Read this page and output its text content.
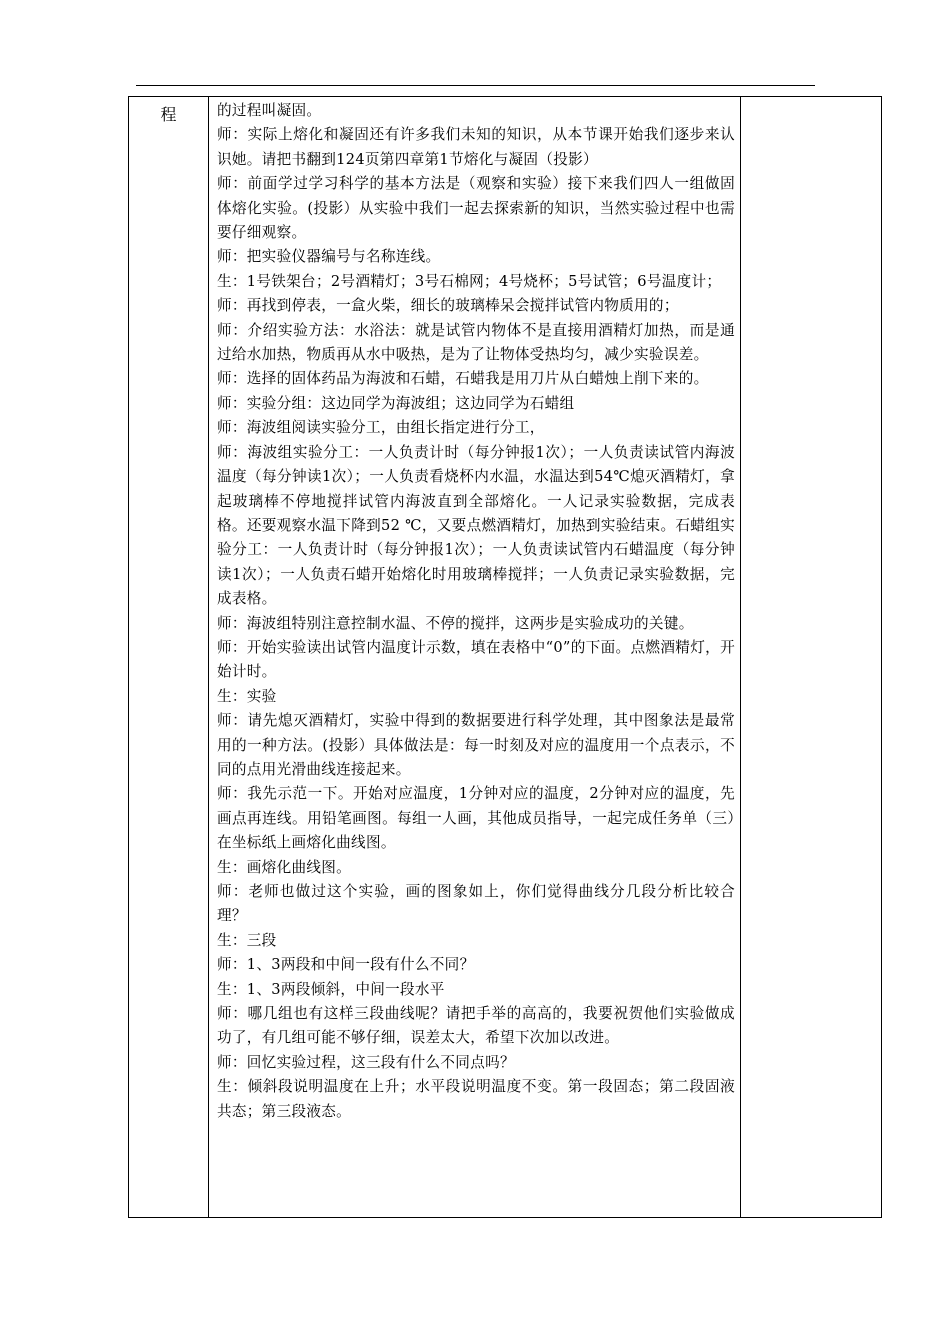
程	的过程叫凝固。

师：实际上熔化和凝固还有许多我们未知的知识，从本节课开始我们逐步来认识她。请把书翻到124页第四章第1节熔化与凝固（投影）

师：前面学过学习科学的基本方法是（观察和实验）接下来我们四人一组做固体熔化实验。(投影）从实验中我们一起去探索新的知识，当然实验过程中也需要仔细观察。

师：把实验仪器编号与名称连线。

生：1号铁架台；2号酒精灯；3号石棉网；4号烧杯；5号试管；6号温度计；

师：再找到停表，一盒火柴，细长的玻璃棒呆会搅拌试管内物质用的；

师：介绍实验方法：水浴法：就是试管内物体不是直接用酒精灯加热，而是通过给水加热，物质再从水中吸热，是为了让物体受热均匀，减少实验误差。

师：选择的固体药品为海波和石蜡，石蜡我是用刀片从白蜡烛上削下来的。

师：实验分组：这边同学为海波组；这边同学为石蜡组

师：海波组阅读实验分工，由组长指定进行分工，

师：海波组实验分工：一人负责计时（每分钟报1次）；一人负责读试管内海波温度（每分钟读1次）；一人负责看烧杯内水温，水温达到54℃熄灭酒精灯，拿起玻璃棒不停地搅拌试管内海波直到全部熔化。一人记录实验数据，完成表格。还要观察水温下降到52 ℃，又要点燃酒精灯，加热到实验结束。石蜡组实验分工：一人负责计时（每分钟报1次）；一人负责读试管内石蜡温度（每分钟读1次）；一人负责石蜡开始熔化时用玻璃棒搅拌；一人负责记录实验数据，完成表格。

师：海波组特别注意控制水温、不停的搅拌，这两步是实验成功的关键。

师：开始实验读出试管内温度计示数，填在表格中“0”的下面。点燃酒精灯，开始计时。

生：实验

师：请先熄灭酒精灯，实验中得到的数据要进行科学处理，其中图象法是最常用的一种方法。(投影）具体做法是：每一时刻及对应的温度用一个点表示，不同的点用光滑曲线连接起来。

师：我先示范一下。开始对应温度，1分钟对应的温度，2分钟对应的温度，先画点再连线。用铅笔画图。每组一人画，其他成员指导，一起完成任务单（三）在坐标纸上画熔化曲线图。

生：画熔化曲线图。

师：老师也做过这个实验，画的图象如上，你们觉得曲线分几段分析比较合理？

生：三段

师：1、3两段和中间一段有什么不同？

生：1、3两段倾斜，中间一段水平

师：哪几组也有这样三段曲线呢？请把手举的高高的，我要祝贺他们实验做成功了，有几组可能不够仔细，误差太大，希望下次加以改进。

师：回忆实验过程，这三段有什么不同点吗？

生：倾斜段说明温度在上升；水平段说明温度不变。第一段固态；第二段固液共态；第三段液态。
